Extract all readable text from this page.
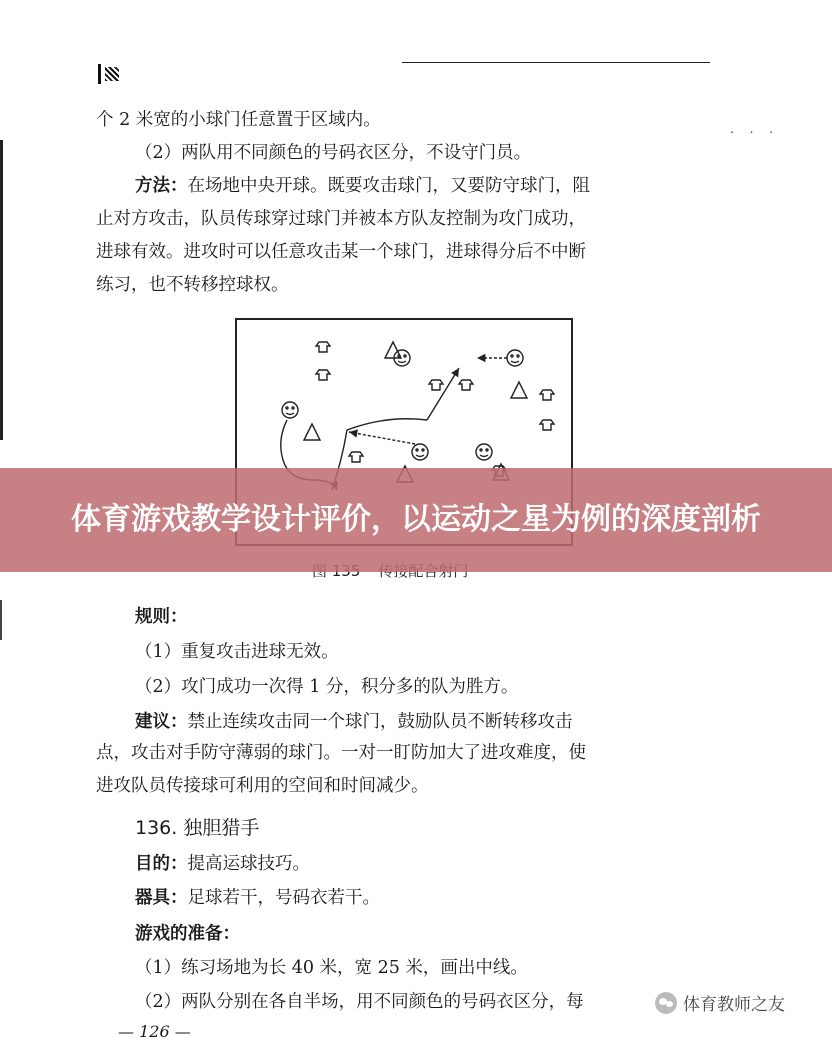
. . .
个 2 米宽的小球门任意置于区域内。
（2）两队用不同颜色的号码衣区分，不设守门员。
方法：在场地中央开球。既要攻击球门，又要防守球门，阻
止对方攻击，队员传球穿过球门并被本方队友控制为攻门成功，
进球有效。进攻时可以任意攻击某一个球门，进球得分后不中断
练习，也不转移控球权。
规则：
（1）重复攻击进球无效。
（2）攻门成功一次得 1 分，积分多的队为胜方。
建议：禁止连续攻击同一个球门，鼓励队员不断转移攻击
点，攻击对手防守薄弱的球门。一对一盯防加大了进攻难度，使
进攻队员传接球可利用的空间和时间减少。
136. 独胆猎手
目的：提高运球技巧。
器具：足球若干，号码衣若干。
游戏的准备：
（1）练习场地为长 40 米，宽 25 米，画出中线。
（2）两队分别在各自半场，用不同颜色的号码衣区分，每
— 126 —
体育教师之友
体育游戏教学设计评价，以运动之星为例的深度剖析
